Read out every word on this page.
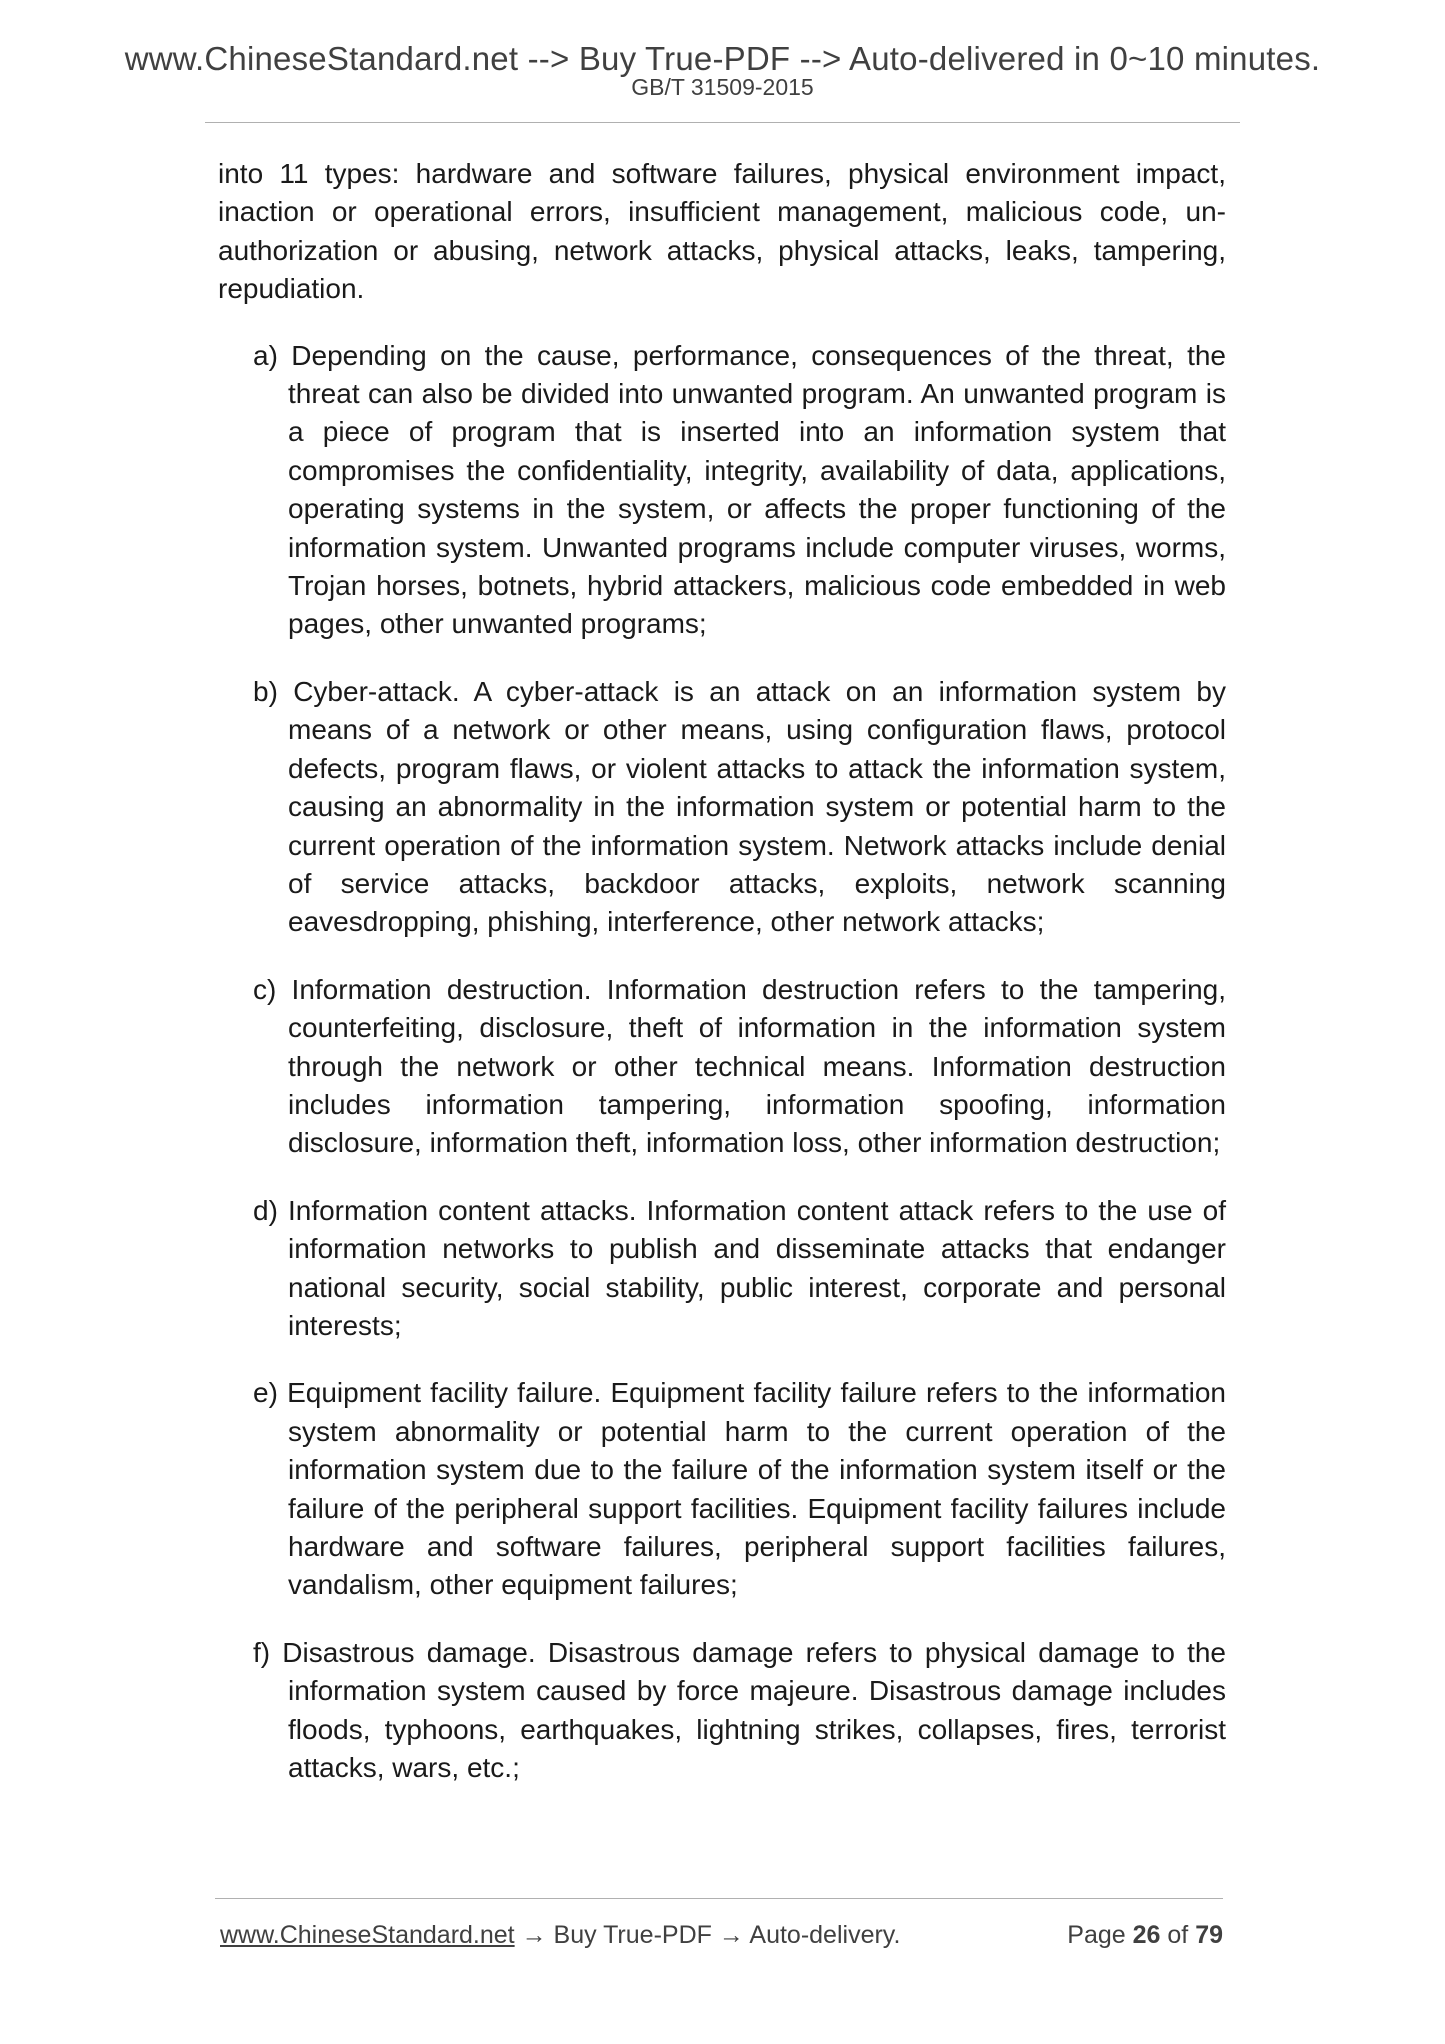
www.ChineseStandard.net --> Buy True-PDF --> Auto-delivered in 0~10 minutes.
GB/T 31509-2015

into 11 types: hardware and software failures, physical environment impact, inaction or operational errors, insufficient management, malicious code, un-authorization or abusing, network attacks, physical attacks, leaks, tampering, repudiation.

a) Depending on the cause, performance, consequences of the threat, the threat can also be divided into unwanted program. An unwanted program is a piece of program that is inserted into an information system that compromises the confidentiality, integrity, availability of data, applications, operating systems in the system, or affects the proper functioning of the information system. Unwanted programs include computer viruses, worms, Trojan horses, botnets, hybrid attackers, malicious code embedded in web pages, other unwanted programs;
b) Cyber-attack. A cyber-attack is an attack on an information system by means of a network or other means, using configuration flaws, protocol defects, program flaws, or violent attacks to attack the information system, causing an abnormality in the information system or potential harm to the current operation of the information system. Network attacks include denial of service attacks, backdoor attacks, exploits, network scanning eavesdropping, phishing, interference, other network attacks;
c) Information destruction. Information destruction refers to the tampering, counterfeiting, disclosure, theft of information in the information system through the network or other technical means. Information destruction includes information tampering, information spoofing, information disclosure, information theft, information loss, other information destruction;
d) Information content attacks. Information content attack refers to the use of information networks to publish and disseminate attacks that endanger national security, social stability, public interest, corporate and personal interests;
e) Equipment facility failure. Equipment facility failure refers to the information system abnormality or potential harm to the current operation of the information system due to the failure of the information system itself or the failure of the peripheral support facilities. Equipment facility failures include hardware and software failures, peripheral support facilities failures, vandalism, other equipment failures;
f) Disastrous damage. Disastrous damage refers to physical damage to the information system caused by force majeure. Disastrous damage includes floods, typhoons, earthquakes, lightning strikes, collapses, fires, terrorist attacks, wars, etc.;
www.ChineseStandard.net → Buy True-PDF → Auto-delivery.	Page 26 of 79
